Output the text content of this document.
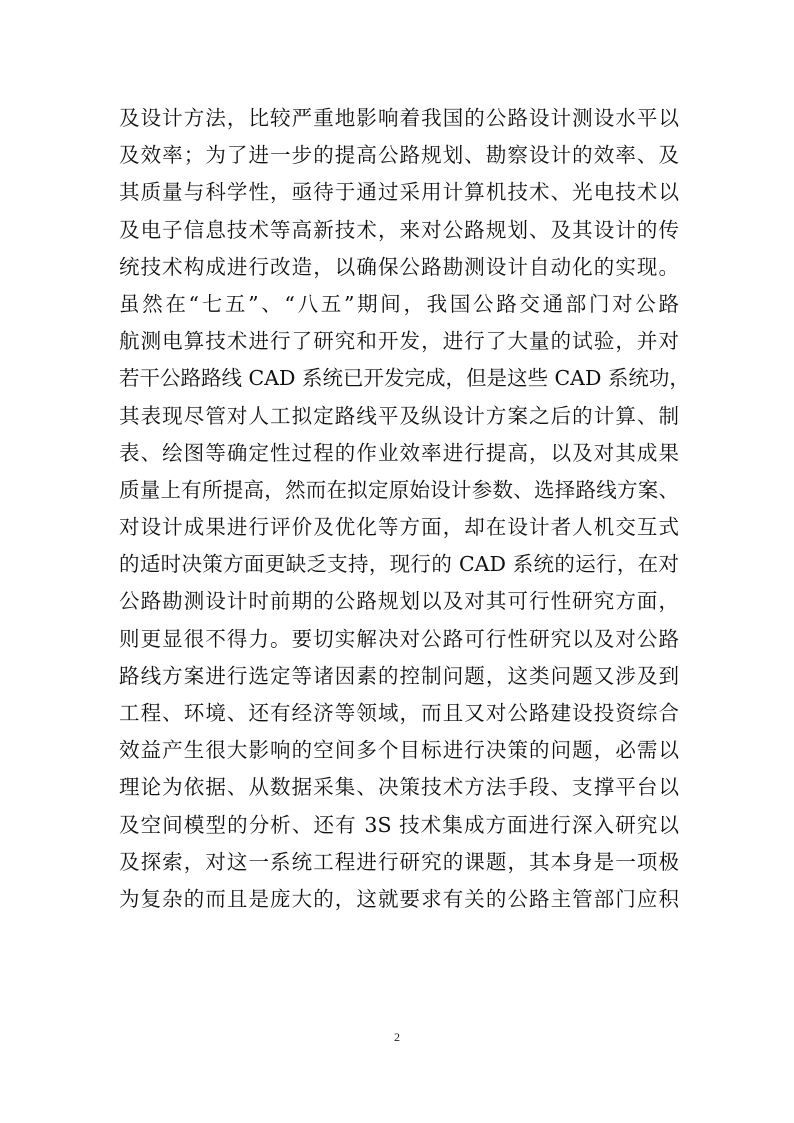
及设计方法，比较严重地影响着我国的公路设计测设水平以
及效率；为了进一步的提高公路规划、勘察设计的效率、及
其质量与科学性，亟待于通过采用计算机技术、光电技术以
及电子信息技术等高新技术，来对公路规划、及其设计的传
统技术构成进行改造，以确保公路勘测设计自动化的实现。
虽然在“七五”、“八五”期间，我国公路交通部门对公路
航测电算技术进行了研究和开发，进行了大量的试验，并对
若干公路路线 CAD 系统已开发完成，但是这些 CAD 系统功，
其表现尽管对人工拟定路线平及纵设计方案之后的计算、制
表、绘图等确定性过程的作业效率进行提高，以及对其成果
质量上有所提高，然而在拟定原始设计参数、选择路线方案、
对设计成果进行评价及优化等方面，却在设计者人机交互式
的适时决策方面更缺乏支持，现行的 CAD 系统的运行，在对
公路勘测设计时前期的公路规划以及对其可行性研究方面，
则更显很不得力。要切实解决对公路可行性研究以及对公路
路线方案进行选定等诸因素的控制问题，这类问题又涉及到
工程、环境、还有经济等领域，而且又对公路建设投资综合
效益产生很大影响的空间多个目标进行决策的问题，必需以
理论为依据、从数据采集、决策技术方法手段、支撑平台以
及空间模型的分析、还有 3S 技术集成方面进行深入研究以
及探索，对这一系统工程进行研究的课题，其本身是一项极
为复杂的而且是庞大的，这就要求有关的公路主管部门应积
2
